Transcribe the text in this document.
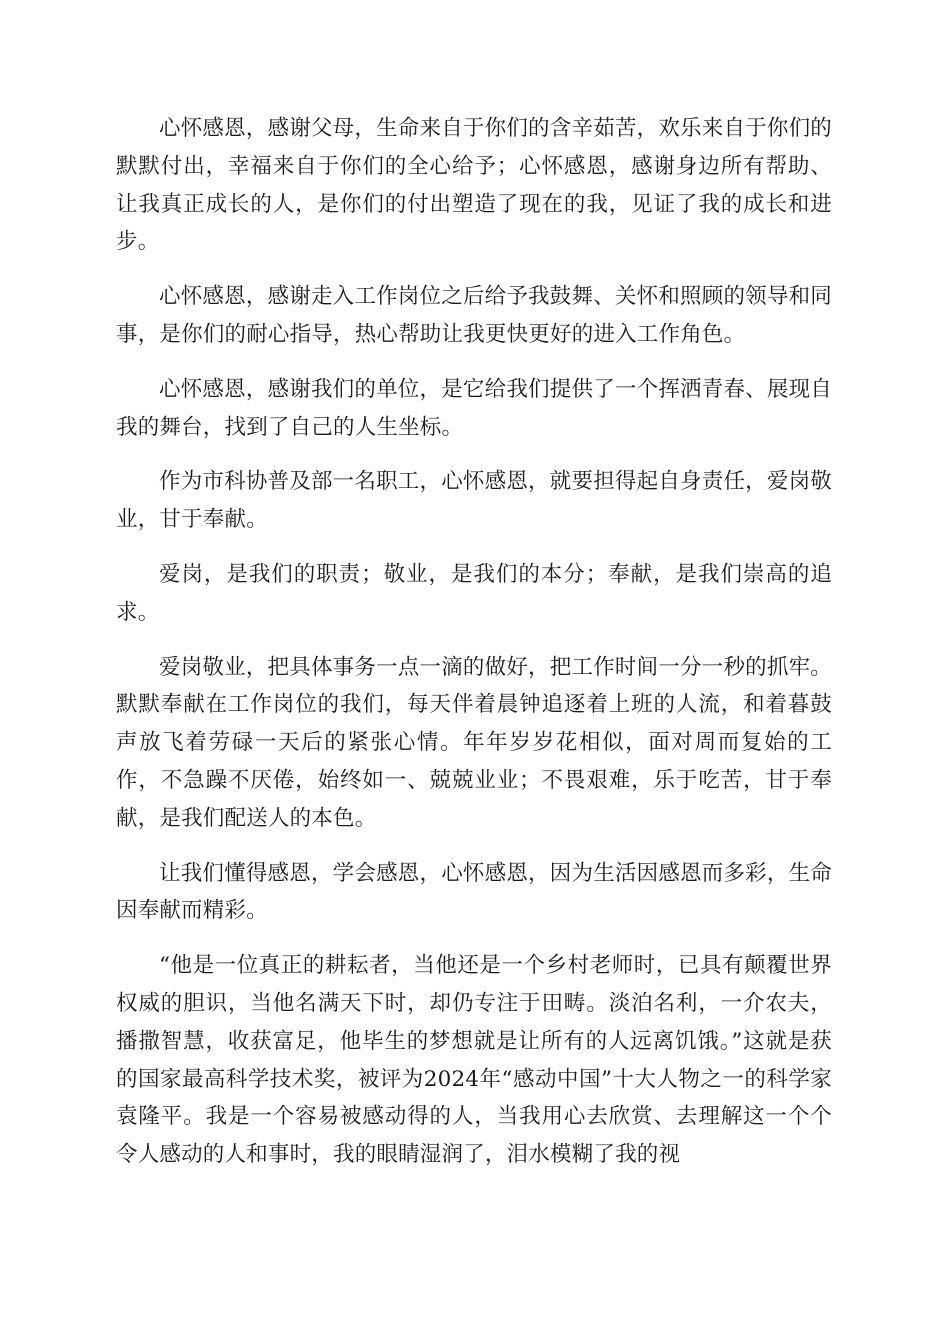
心怀感恩，感谢父母，生命来自于你们的含辛茹苦，欢乐来自于你们的默默付出，幸福来自于你们的全心给予；心怀感恩，感谢身边所有帮助、让我真正成长的人，是你们的付出塑造了现在的我，见证了我的成长和进步。

心怀感恩，感谢走入工作岗位之后给予我鼓舞、关怀和照顾的领导和同事，是你们的耐心指导，热心帮助让我更快更好的进入工作角色。

心怀感恩，感谢我们的单位，是它给我们提供了一个挥洒青春、展现自我的舞台，找到了自己的人生坐标。

作为市科协普及部一名职工，心怀感恩，就要担得起自身责任，爱岗敬业，甘于奉献。

爱岗，是我们的职责；敬业，是我们的本分；奉献，是我们崇高的追求。

爱岗敬业，把具体事务一点一滴的做好，把工作时间一分一秒的抓牢。默默奉献在工作岗位的我们，每天伴着晨钟追逐着上班的人流，和着暮鼓声放飞着劳碌一天后的紧张心情。年年岁岁花相似，面对周而复始的工作，不急躁不厌倦，始终如一、兢兢业业；不畏艰难，乐于吃苦，甘于奉献，是我们配送人的本色。

让我们懂得感恩，学会感恩，心怀感恩，因为生活因感恩而多彩，生命因奉献而精彩。

“他是一位真正的耕耘者，当他还是一个乡村老师时，已具有颠覆世界权威的胆识，当他名满天下时，却仍专注于田畴。淡泊名利，一介农夫，播撒智慧，收获富足，他毕生的梦想就是让所有的人远离饥饿。”这就是获的国家最高科学技术奖，被评为2024年“感动中国”十大人物之一的科学家袁隆平。我是一个容易被感动得的人，当我用心去欣赏、去理解这一个个令人感动的人和事时，我的眼睛湿润了，泪水模糊了我的视
